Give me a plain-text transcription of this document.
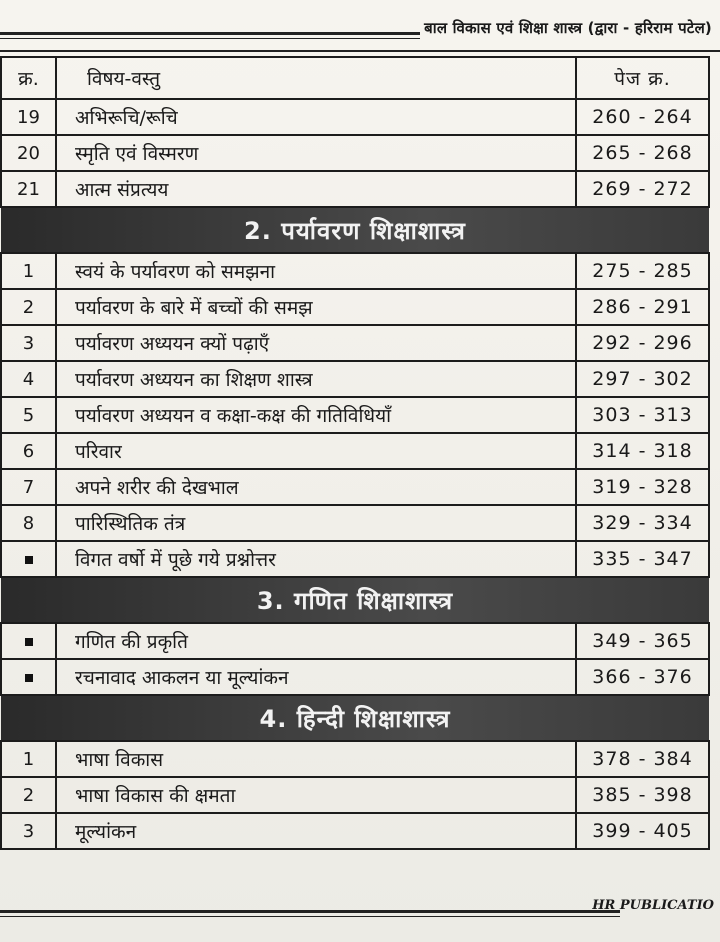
बाल विकास एवं शिक्षा शास्त्र (द्वारा - हरिराम पटेल)
क्र.	विषय-वस्तु	पेज क्र.
19	अभिरूचि/रूचि	260 - 264
20	स्मृति एवं विस्मरण	265 - 268
21	आत्म संप्रत्यय	269 - 272
2. पर्यावरण शिक्षाशास्त्र		
1	स्वयं के पर्यावरण को समझना	275 - 285
2	पर्यावरण के बारे में बच्चों की समझ	286 - 291
3	पर्यावरण अध्ययन क्यों पढ़ाएँ	292 - 296
4	पर्यावरण अध्ययन का शिक्षण शास्त्र	297 - 302
5	पर्यावरण अध्ययन व कक्षा-कक्ष की गतिविधियाँ	303 - 313
6	परिवार	314 - 318
7	अपने शरीर की देखभाल	319 - 328
8	पारिस्थितिक तंत्र	329 - 334
	विगत वर्षो में पूछे गये प्रश्नोत्तर	335 - 347
3. गणित शिक्षाशास्त्र		
	गणित की प्रकृति	349 - 365
	रचनावाद आकलन या मूल्यांकन	366 - 376
4. हिन्दी शिक्षाशास्त्र		
1	भाषा विकास	378 - 384
2	भाषा विकास की क्षमता	385 - 398
3	मूल्यांकन	399 - 405
HR PUBLICATIO
